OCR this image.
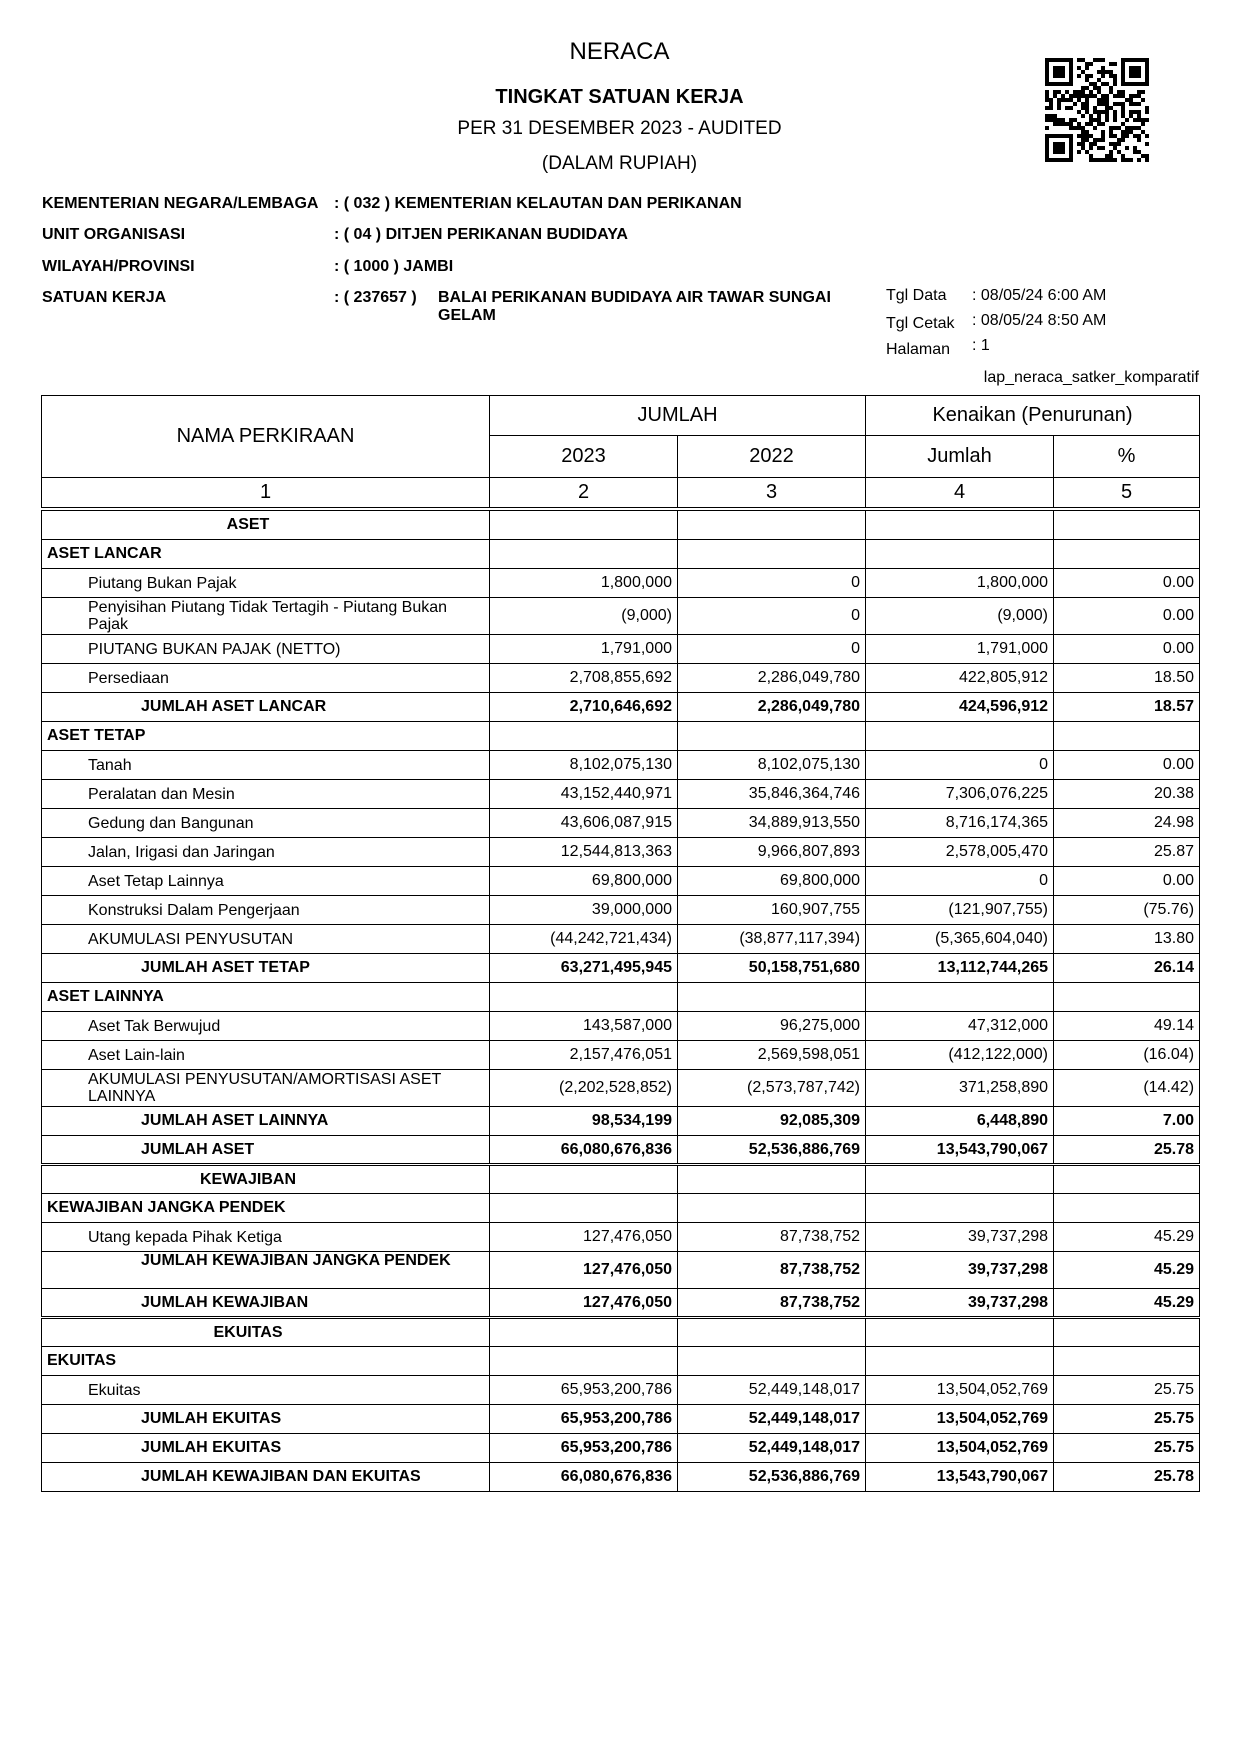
NERACA
TINGKAT SATUAN KERJA
PER 31 DESEMBER 2023 - AUDITED
(DALAM RUPIAH)
KEMENTERIAN NEGARA/LEMBAGA : ( 032 ) KEMENTERIAN KELAUTAN DAN PERIKANAN
UNIT ORGANISASI	: ( 04 ) DITJEN PERIKANAN BUDIDAYA
WILAYAH/PROVINSI	: ( 1000 ) JAMBI
SATUAN KERJA	: ( 237657 ) BALAI PERIKANAN BUDIDAYA AIR TAWAR SUNGAI
GELAM
Tgl Data : 08/05/24 6:00 AM
Tgl Cetak : 08/05/24 8:50 AM
Halaman : 1
lap_neraca_satker_komparatif
NAMA PERKIRAAN	JUMLAH		Kenaikan (Penurunan)	
	2023	2022	Jumlah	%
1	2	3	4	5

ASET				
ASET LANCAR				
Piutang Bukan Pajak	1,800,000	0	1,800,000	0.00
Penyisihan Piutang Tidak Tertagih - Piutang Bukan Pajak	(9,000)	0	(9,000)	0.00
PIUTANG BUKAN PAJAK (NETTO)	1,791,000	0	1,791,000	0.00
Persediaan	2,708,855,692	2,286,049,780	422,805,912	18.50
JUMLAH ASET LANCAR	2,710,646,692	2,286,049,780	424,596,912	18.57
ASET TETAP				
Tanah	8,102,075,130	8,102,075,130	0	0.00
Peralatan dan Mesin	43,152,440,971	35,846,364,746	7,306,076,225	20.38
Gedung dan Bangunan	43,606,087,915	34,889,913,550	8,716,174,365	24.98
Jalan, Irigasi dan Jaringan	12,544,813,363	9,966,807,893	2,578,005,470	25.87
Aset Tetap Lainnya	69,800,000	69,800,000	0	0.00
Konstruksi Dalam Pengerjaan	39,000,000	160,907,755	(121,907,755)	(75.76)
AKUMULASI PENYUSUTAN	(44,242,721,434)	(38,877,117,394)	(5,365,604,040)	13.80
JUMLAH ASET TETAP	63,271,495,945	50,158,751,680	13,112,744,265	26.14
ASET LAINNYA				
Aset Tak Berwujud	143,587,000	96,275,000	47,312,000	49.14
Aset Lain-lain	2,157,476,051	2,569,598,051	(412,122,000)	(16.04)
AKUMULASI PENYUSUTAN/AMORTISASI ASET LAINNYA	(2,202,528,852)	(2,573,787,742)	371,258,890	(14.42)
JUMLAH ASET LAINNYA	98,534,199	92,085,309	6,448,890	7.00
JUMLAH ASET	66,080,676,836	52,536,886,769	13,543,790,067	25.78
KEWAJIBAN				
KEWAJIBAN JANGKA PENDEK				
Utang kepada Pihak Ketiga	127,476,050	87,738,752	39,737,298	45.29
JUMLAH KEWAJIBAN JANGKA PENDEK	127,476,050	87,738,752	39,737,298	45.29
JUMLAH KEWAJIBAN	127,476,050	87,738,752	39,737,298	45.29
EKUITAS				
EKUITAS				
Ekuitas	65,953,200,786	52,449,148,017	13,504,052,769	25.75
JUMLAH EKUITAS	65,953,200,786	52,449,148,017	13,504,052,769	25.75
JUMLAH EKUITAS	65,953,200,786	52,449,148,017	13,504,052,769	25.75
JUMLAH KEWAJIBAN DAN EKUITAS	66,080,676,836	52,536,886,769	13,543,790,067	25.78
